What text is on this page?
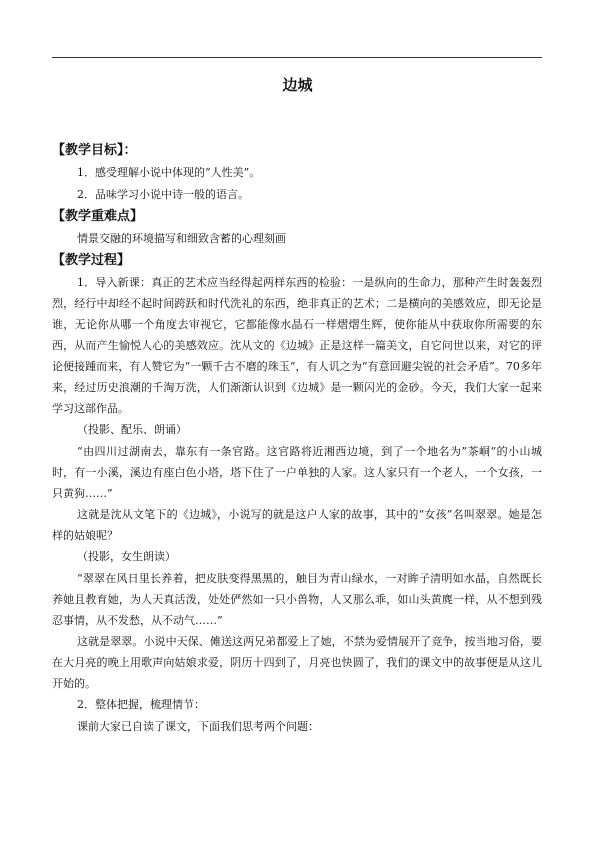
边城
【教学目标】：

1．感受理解小说中体现的“人性美”。

2．品味学习小说中诗一般的语言。

【教学重难点】

情景交融的环境描写和细致含蓄的心理刻画

【教学过程】

1．导入新课：真正的艺术应当经得起两样东西的检验：一是纵向的生命力，那种产生时轰轰烈烈，经行中却经不起时间跨跃和时代洗礼的东西，绝非真正的艺术；二是横向的美感效应，即无论是谁，无论你从哪一个角度去审视它，它都能像水晶石一样熠熠生辉，使你能从中获取你所需要的东西，从而产生愉悦人心的美感效应。沈从文的《边城》正是这样一篇美文，自它问世以来，对它的评论便接踵而来，有人赞它为“一颗千古不磨的珠玉”，有人讥之为“有意回避尖锐的社会矛盾”。70多年来，经过历史浪潮的千淘万洗，人们渐渐认识到《边城》是一颗闪光的金砂。今天，我们大家一起来学习这部作品。

（投影、配乐、朗诵）

“由四川过湖南去，靠东有一条官路。这官路将近湘西边境，到了一个地名为”茶峒“的小山城时，有一小溪，溪边有座白色小塔，塔下住了一户单独的人家。这人家只有一个老人，一个女孩，一只黄狗……”

这就是沈从文笔下的《边城》，小说写的就是这户人家的故事，其中的“女孩”名叫翠翠。她是怎样的姑娘呢？

（投影，女生朗读）

“翠翠在风日里长养着，把皮肤变得黑黑的，触目为青山绿水，一对眸子清明如水晶，自然既长养她且教育她，为人天真活泼，处处俨然如一只小兽物，人又那么乖，如山头黄麂一样，从不想到残忍事情，从不发愁，从不动气……”

这就是翠翠。小说中天保、傩送这两兄弟都爱上了她，不禁为爱情展开了竞争，按当地习俗，要在大月亮的晚上用歌声向姑娘求爱，阴历十四到了，月亮也快圆了，我们的课文中的故事便是从这儿开始的。

2．整体把握，梳理情节：

课前大家已自读了课文，下面我们思考两个问题：
